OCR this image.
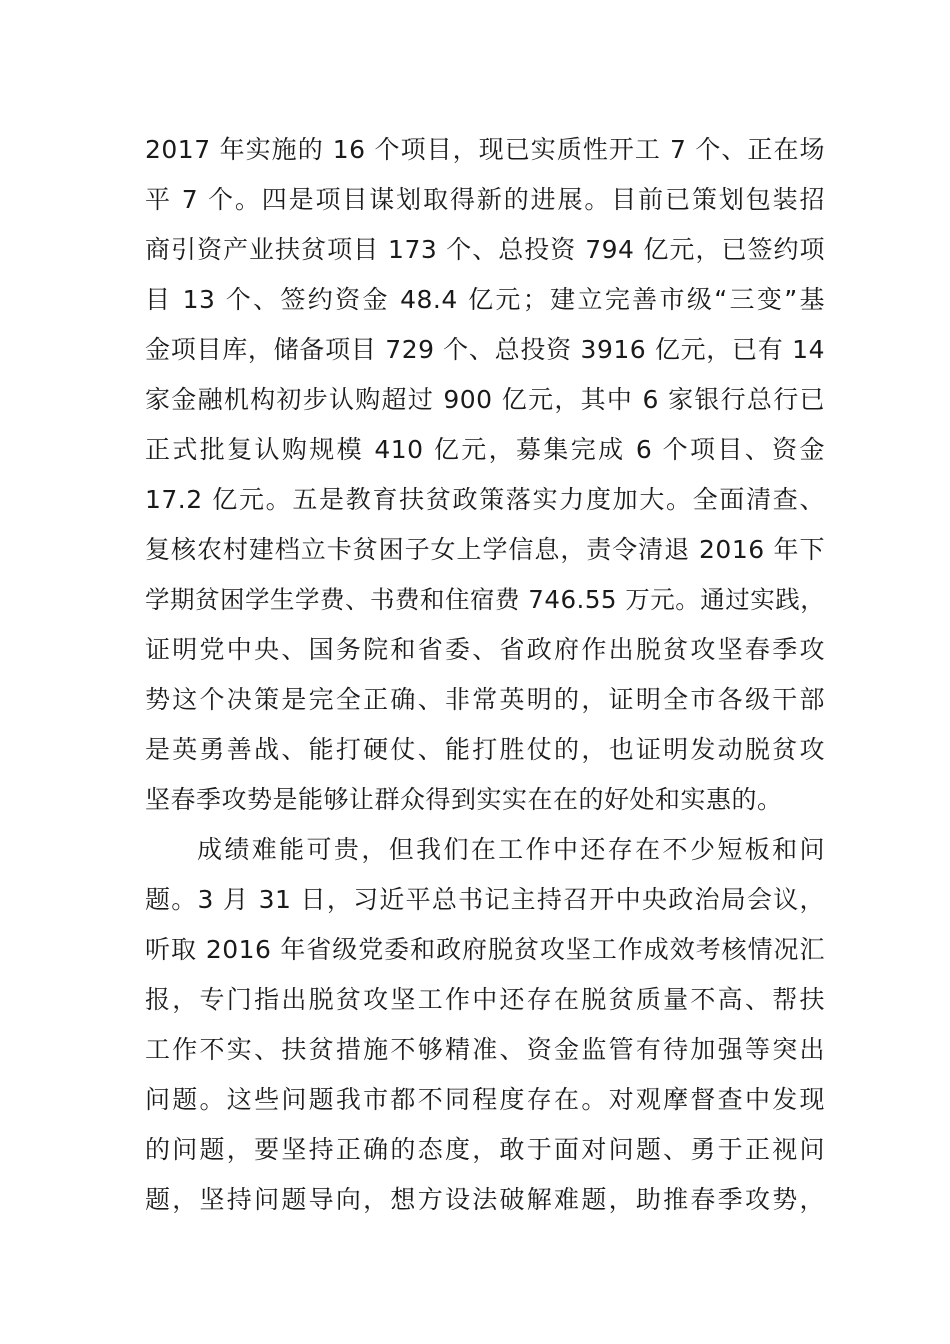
2017 年实施的 16 个项目，现已实质性开工 7 个、正在场
平 7 个。四是项目谋划取得新的进展。目前已策划包装招
商引资产业扶贫项目 173 个、总投资 794 亿元，已签约项
目 13 个、签约资金 48.4 亿元；建立完善市级“三变”基
金项目库，储备项目 729 个、总投资 3916 亿元，已有 14
家金融机构初步认购超过 900 亿元，其中 6 家银行总行已
正式批复认购规模 410 亿元，募集完成 6 个项目、资金
17.2 亿元。五是教育扶贫政策落实力度加大。全面清查、
复核农村建档立卡贫困子女上学信息，责令清退 2016 年下
学期贫困学生学费、书费和住宿费 746.55 万元。通过实践，
证明党中央、国务院和省委、省政府作出脱贫攻坚春季攻
势这个决策是完全正确、非常英明的，证明全市各级干部
是英勇善战、能打硬仗、能打胜仗的，也证明发动脱贫攻
坚春季攻势是能够让群众得到实实在在的好处和实惠的。
成绩难能可贵，但我们在工作中还存在不少短板和问
题。3 月 31 日，习近平总书记主持召开中央政治局会议，
听取 2016 年省级党委和政府脱贫攻坚工作成效考核情况汇
报，专门指出脱贫攻坚工作中还存在脱贫质量不高、帮扶
工作不实、扶贫措施不够精准、资金监管有待加强等突出
问题。这些问题我市都不同程度存在。对观摩督查中发现
的问题，要坚持正确的态度，敢于面对问题、勇于正视问
题，坚持问题导向，想方设法破解难题，助推春季攻势，
